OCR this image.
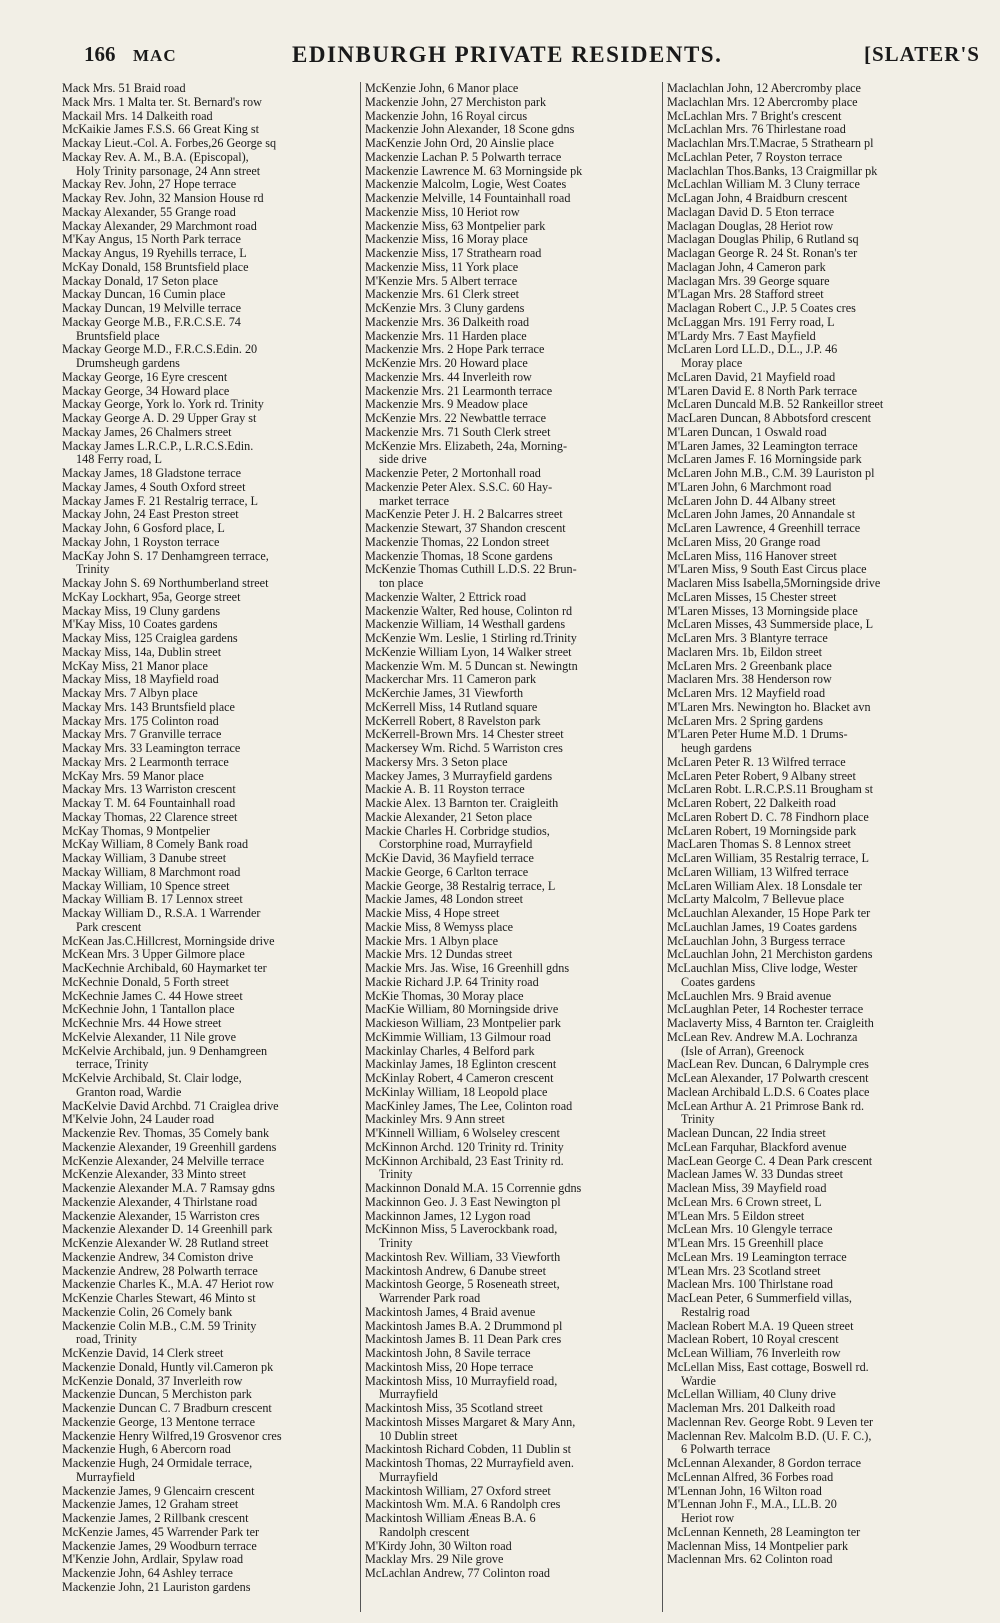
166 MAC	EDINBURGH PRIVATE RESIDENTS.	[SLATER'S
Mack Mrs. 51 Braid road
Mack Mrs. 1 Malta ter. St. Bernard's row
Mackail Mrs. 14 Dalkeith road
McKaikie James F.S.S. 66 Great King st
Mackay Lieut.-Col. A. Forbes,26 George sq
Mackay Rev. A. M., B.A. (Episcopal),
Holy Trinity parsonage, 24 Ann street
Mackay Rev. John, 27 Hope terrace
Mackay Rev. John, 32 Mansion House rd
Mackay Alexander, 55 Grange road
Mackay Alexander, 29 Marchmont road
M'Kay Angus, 15 North Park terrace
Mackay Angus, 19 Ryehills terrace, L
McKay Donald, 158 Bruntsfield place
Mackay Donald, 17 Seton place
Mackay Duncan, 16 Cumin place
Mackay Duncan, 19 Melville terrace
Mackay George M.B., F.R.C.S.E. 74
Bruntsfield place
Mackay George M.D., F.R.C.S.Edin. 20
Drumsheugh gardens
Mackay George, 16 Eyre crescent
Mackay George, 34 Howard place
Mackay George, York lo. York rd. Trinity
Mackay George A. D. 29 Upper Gray st
Mackay James, 26 Chalmers street
Mackay James L.R.C.P., L.R.C.S.Edin.
148 Ferry road, L
Mackay James, 18 Gladstone terrace
Mackay James, 4 South Oxford street
Mackay James F. 21 Restalrig terrace, L
Mackay John, 24 East Preston street
Mackay John, 6 Gosford place, L
Mackay John, 1 Royston terrace
MacKay John S. 17 Denhamgreen terrace,
Trinity
Mackay John S. 69 Northumberland street
McKay Lockhart, 95a, George street
Mackay Miss, 19 Cluny gardens
M'Kay Miss, 10 Coates gardens
Mackay Miss, 125 Craiglea gardens
Mackay Miss, 14a, Dublin street
McKay Miss, 21 Manor place
Mackay Miss, 18 Mayfield road
Mackay Mrs. 7 Albyn place
Mackay Mrs. 143 Bruntsfield place
Mackay Mrs. 175 Colinton road
Mackay Mrs. 7 Granville terrace
Mackay Mrs. 33 Leamington terrace
Mackay Mrs. 2 Learmonth terrace
McKay Mrs. 59 Manor place
Mackay Mrs. 13 Warriston crescent
Mackay T. M. 64 Fountainhall road
Mackay Thomas, 22 Clarence street
McKay Thomas, 9 Montpelier
McKay William, 8 Comely Bank road
Mackay William, 3 Danube street
Mackay William, 8 Marchmont road
Mackay William, 10 Spence street
Mackay William B. 17 Lennox street
Mackay William D., R.S.A. 1 Warrender
Park crescent
McKean Jas.C.Hillcrest, Morningside drive
McKean Mrs. 3 Upper Gilmore place
MacKechnie Archibald, 60 Haymarket ter
McKechnie Donald, 5 Forth street
McKechnie James C. 44 Howe street
McKechnie John, 1 Tantallon place
McKechnie Mrs. 44 Howe street
McKelvie Alexander, 11 Nile grove
McKelvie Archibald, jun. 9 Denhamgreen
terrace, Trinity
McKelvie Archibald, St. Clair lodge,
Granton road, Wardie
MacKelvie David Archbd. 71 Craiglea drive
M'Kelvie John, 24 Lauder road
Mackenzie Rev. Thomas, 35 Comely bank
Mackenzie Alexander, 19 Greenhill gardens
McKenzie Alexander, 24 Melville terrace
McKenzie Alexander, 33 Minto street
Mackenzie Alexander M.A. 7 Ramsay gdns
Mackenzie Alexander, 4 Thirlstane road
Mackenzie Alexander, 15 Warriston cres
Mackenzie Alexander D. 14 Greenhill park
McKenzie Alexander W. 28 Rutland street
Mackenzie Andrew, 34 Comiston drive
Mackenzie Andrew, 28 Polwarth terrace
Mackenzie Charles K., M.A. 47 Heriot row
McKenzie Charles Stewart, 46 Minto st
Mackenzie Colin, 26 Comely bank
Mackenzie Colin M.B., C.M. 59 Trinity
road, Trinity
McKenzie David, 14 Clerk street
Mackenzie Donald, Huntly vil.Cameron pk
McKenzie Donald, 37 Inverleith row
Mackenzie Duncan, 5 Merchiston park
Mackenzie Duncan C. 7 Bradburn crescent
Mackenzie George, 13 Mentone terrace
Mackenzie Henry Wilfred,19 Grosvenor cres
Mackenzie Hugh, 6 Abercorn road
Mackenzie Hugh, 24 Ormidale terrace,
Murrayfield
Mackenzie James, 9 Glencairn crescent
Mackenzie James, 12 Graham street
Mackenzie James, 2 Rillbank crescent
McKenzie James, 45 Warrender Park ter
Mackenzie James, 29 Woodburn terrace
M'Kenzie John, Ardlair, Spylaw road
Mackenzie John, 64 Ashley terrace
Mackenzie John, 21 Lauriston gardens
McKenzie John, 6 Manor place
Mackenzie John, 27 Merchiston park
Mackenzie John, 16 Royal circus
Mackenzie John Alexander, 18 Scone gdns
MacKenzie John Ord, 20 Ainslie place
Mackenzie Lachan P. 5 Polwarth terrace
Mackenzie Lawrence M. 63 Morningside pk
Mackenzie Malcolm, Logie, West Coates
Mackenzie Melville, 14 Fountainhall road
Mackenzie Miss, 10 Heriot row
Mackenzie Miss, 63 Montpelier park
Mackenzie Miss, 16 Moray place
Mackenzie Miss, 17 Strathearn road
Mackenzie Miss, 11 York place
M'Kenzie Mrs. 5 Albert terrace
Mackenzie Mrs. 61 Clerk street
McKenzie Mrs. 3 Cluny gardens
Mackenzie Mrs. 36 Dalkeith road
Mackenzie Mrs. 11 Harden place
Mackenzie Mrs. 2 Hope Park terrace
McKenzie Mrs. 20 Howard place
Mackenzie Mrs. 44 Inverleith row
Mackenzie Mrs. 21 Learmonth terrace
Mackenzie Mrs. 9 Meadow place
McKenzie Mrs. 22 Newbattle terrace
Mackenzie Mrs. 71 South Clerk street
McKenzie Mrs. Elizabeth, 24a, Morning-
side drive
Mackenzie Peter, 2 Mortonhall road
Mackenzie Peter Alex. S.S.C. 60 Hay-
market terrace
MacKenzie Peter J. H. 2 Balcarres street
Mackenzie Stewart, 37 Shandon crescent
Mackenzie Thomas, 22 London street
Mackenzie Thomas, 18 Scone gardens
McKenzie Thomas Cuthill L.D.S. 22 Brun-
ton place
Mackenzie Walter, 2 Ettrick road
Mackenzie Walter, Red house, Colinton rd
Mackenzie William, 14 Westhall gardens
McKenzie Wm. Leslie, 1 Stirling rd.Trinity
McKenzie William Lyon, 14 Walker street
Mackenzie Wm. M. 5 Duncan st. Newingtn
Mackerchar Mrs. 11 Cameron park
McKerchie James, 31 Viewforth
McKerrell Miss, 14 Rutland square
McKerrell Robert, 8 Ravelston park
McKerrell-Brown Mrs. 14 Chester street
Mackersey Wm. Richd. 5 Warriston cres
Mackersy Mrs. 3 Seton place
Mackey James, 3 Murrayfield gardens
Mackie A. B. 11 Royston terrace
Mackie Alex. 13 Barnton ter. Craigleith
Mackie Alexander, 21 Seton place
Mackie Charles H. Corbridge studios,
Corstorphine road, Murrayfield
McKie David, 36 Mayfield terrace
Mackie George, 6 Carlton terrace
Mackie George, 38 Restalrig terrace, L
Mackie James, 48 London street
Mackie Miss, 4 Hope street
Mackie Miss, 8 Wemyss place
Mackie Mrs. 1 Albyn place
Mackie Mrs. 12 Dundas street
Mackie Mrs. Jas. Wise, 16 Greenhill gdns
Mackie Richard J.P. 64 Trinity road
McKie Thomas, 30 Moray place
MacKie William, 80 Morningside drive
Mackieson William, 23 Montpelier park
McKimmie William, 13 Gilmour road
Mackinlay Charles, 4 Belford park
Mackinlay James, 18 Eglinton crescent
McKinlay Robert, 4 Cameron crescent
McKinlay William, 18 Leopold place
MacKinley James, The Lee, Colinton road
Mackinley Mrs. 9 Ann street
M'Kinnell William, 6 Wolseley crescent
McKinnon Archd. 120 Trinity rd. Trinity
McKinnon Archibald, 23 East Trinity rd.
Trinity
Mackinnon Donald M.A. 15 Corrennie gdns
Mackinnon Geo. J. 3 East Newington pl
Mackinnon James, 12 Lygon road
McKinnon Miss, 5 Laverockbank road,
Trinity
Mackintosh Rev. William, 33 Viewforth
Mackintosh Andrew, 6 Danube street
Mackintosh George, 5 Roseneath street,
Warrender Park road
Mackintosh James, 4 Braid avenue
Mackintosh James B.A. 2 Drummond pl
Mackintosh James B. 11 Dean Park cres
Mackintosh John, 8 Savile terrace
Mackintosh Miss, 20 Hope terrace
Mackintosh Miss, 10 Murrayfield road,
Murrayfield
Mackintosh Miss, 35 Scotland street
Mackintosh Misses Margaret & Mary Ann,
10 Dublin street
Mackintosh Richard Cobden, 11 Dublin st
Mackintosh Thomas, 22 Murrayfield aven.
Murrayfield
Mackintosh William, 27 Oxford street
Mackintosh Wm. M.A. 6 Randolph cres
Mackintosh William Æneas B.A. 6
Randolph crescent
M'Kirdy John, 30 Wilton road
Macklay Mrs. 29 Nile grove
McLachlan Andrew, 77 Colinton road
Maclachlan John, 12 Abercromby place
Maclachlan Mrs. 12 Abercromby place
McLachlan Mrs. 7 Bright's crescent
McLachlan Mrs. 76 Thirlestane road
Maclachlan Mrs.T.Macrae, 5 Strathearn pl
McLachlan Peter, 7 Royston terrace
Maclachlan Thos.Banks, 13 Craigmillar pk
McLachlan William M. 3 Cluny terrace
McLagan John, 4 Braidburn crescent
Maclagan David D. 5 Eton terrace
Maclagan Douglas, 28 Heriot row
Maclagan Douglas Philip, 6 Rutland sq
Maclagan George R. 24 St. Ronan's ter
Maclagan John, 4 Cameron park
Maclagan Mrs. 39 George square
M'Lagan Mrs. 28 Stafford street
Maclagan Robert C., J.P. 5 Coates cres
McLaggan Mrs. 191 Ferry road, L
M'Lardy Mrs. 7 East Mayfield
McLaren Lord LL.D., D.L., J.P. 46
Moray place
McLaren David, 21 Mayfield road
M'Laren David E. 8 North Park terrace
McLaren Duncald M.B. 52 Rankeillor street
MacLaren Duncan, 8 Abbotsford crescent
M'Laren Duncan, 1 Oswald road
M'Laren James, 32 Leamington terrace
McLaren James F. 16 Morningside park
McLaren John M.B., C.M. 39 Lauriston pl
M'Laren John, 6 Marchmont road
McLaren John D. 44 Albany street
McLaren John James, 20 Annandale st
McLaren Lawrence, 4 Greenhill terrace
McLaren Miss, 20 Grange road
McLaren Miss, 116 Hanover street
M'Laren Miss, 9 South East Circus place
Maclaren Miss Isabella,5Morningside drive
McLaren Misses, 15 Chester street
M'Laren Misses, 13 Morningside place
McLaren Misses, 43 Summerside place, L
McLaren Mrs. 3 Blantyre terrace
Maclaren Mrs. 1b, Eildon street
McLaren Mrs. 2 Greenbank place
Maclaren Mrs. 38 Henderson row
McLaren Mrs. 12 Mayfield road
M'Laren Mrs. Newington ho. Blacket avn
McLaren Mrs. 2 Spring gardens
M'Laren Peter Hume M.D. 1 Drums-
heugh gardens
McLaren Peter R. 13 Wilfred terrace
McLaren Peter Robert, 9 Albany street
McLaren Robt. L.R.C.P.S.11 Brougham st
McLaren Robert, 22 Dalkeith road
McLaren Robert D. C. 78 Findhorn place
McLaren Robert, 19 Morningside park
MacLaren Thomas S. 8 Lennox street
McLaren William, 35 Restalrig terrace, L
McLaren William, 13 Wilfred terrace
McLaren William Alex. 18 Lonsdale ter
McLarty Malcolm, 7 Bellevue place
McLauchlan Alexander, 15 Hope Park ter
McLauchlan James, 19 Coates gardens
McLauchlan John, 3 Burgess terrace
McLauchlan John, 21 Merchiston gardens
McLauchlan Miss, Clive lodge, Wester
Coates gardens
McLauchlen Mrs. 9 Braid avenue
McLaughlan Peter, 14 Rochester terrace
Maclaverty Miss, 4 Barnton ter. Craigleith
McLean Rev. Andrew M.A. Lochranza
(Isle of Arran), Greenock
MacLean Rev. Duncan, 6 Dalrymple cres
McLean Alexander, 17 Polwarth crescent
Maclean Archibald L.D.S. 6 Coates place
McLean Arthur A. 21 Primrose Bank rd.
Trinity
Maclean Duncan, 22 India street
McLean Farquhar, Blackford avenue
MacLean George C. 4 Dean Park crescent
Maclean James W. 33 Dundas street
Maclean Miss, 39 Mayfield road
McLean Mrs. 6 Crown street, L
M'Lean Mrs. 5 Eildon street
McLean Mrs. 10 Glengyle terrace
M'Lean Mrs. 15 Greenhill place
McLean Mrs. 19 Leamington terrace
M'Lean Mrs. 23 Scotland street
Maclean Mrs. 100 Thirlstane road
MacLean Peter, 6 Summerfield villas,
Restalrig road
Maclean Robert M.A. 19 Queen street
Maclean Robert, 10 Royal crescent
McLean William, 76 Inverleith row
McLellan Miss, East cottage, Boswell rd.
Wardie
McLellan William, 40 Cluny drive
Macleman Mrs. 201 Dalkeith road
Maclennan Rev. George Robt. 9 Leven ter
Maclennan Rev. Malcolm B.D. (U. F. C.),
6 Polwarth terrace
McLennan Alexander, 8 Gordon terrace
McLennan Alfred, 36 Forbes road
M'Lennan John, 16 Wilton road
M'Lennan John F., M.A., LL.B. 20
Heriot row
McLennan Kenneth, 28 Leamington ter
Maclennan Miss, 14 Montpelier park
Maclennan Mrs. 62 Colinton road
